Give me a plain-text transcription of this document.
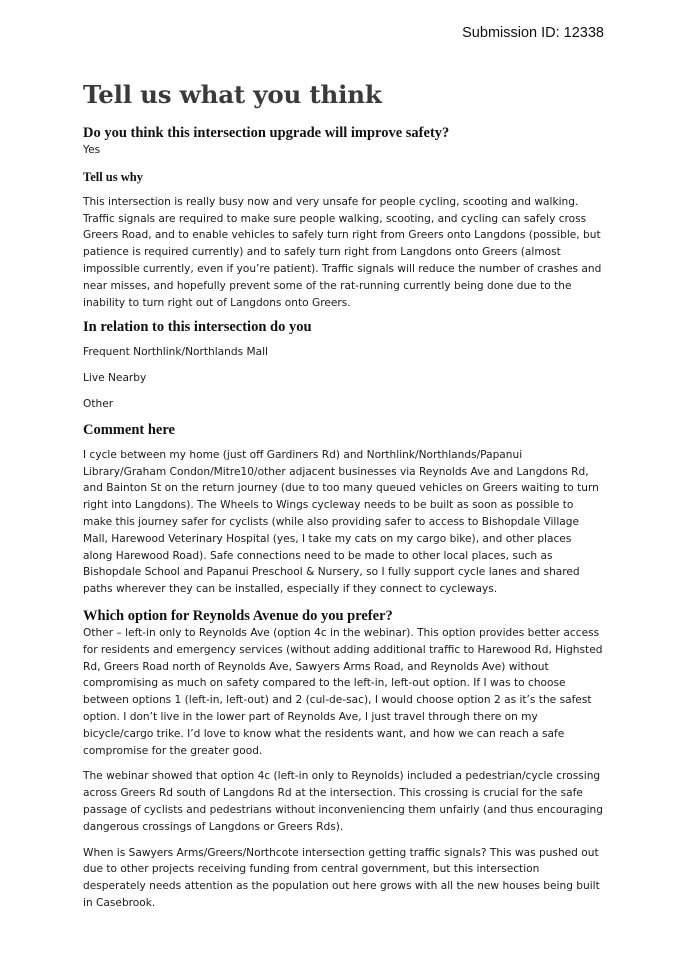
Submission ID: 12338
Tell us what you think

Do you think this intersection upgrade will improve safety?

Yes

Tell us why

This intersection is really busy now and very unsafe for people cycling, scooting and walking. Traffic signals are required to make sure people walking, scooting, and cycling can safely cross Greers Road, and to enable vehicles to safely turn right from Greers onto Langdons (possible, but patience is required currently) and to safely turn right from Langdons onto Greers (almost impossible currently, even if you’re patient). Traffic signals will reduce the number of crashes and near misses, and hopefully prevent some of the rat-running currently being done due to the inability to turn right out of Langdons onto Greers.

In relation to this intersection do you

Frequent Northlink/Northlands Mall

Live Nearby

Other

Comment here

I cycle between my home (just off Gardiners Rd) and Northlink/Northlands/Papanui Library/Graham Condon/Mitre10/other adjacent businesses via Reynolds Ave and Langdons Rd, and Bainton St on the return journey (due to too many queued vehicles on Greers waiting to turn right into Langdons). The Wheels to Wings cycleway needs to be built as soon as possible to make this journey safer for cyclists (while also providing safer to access to Bishopdale Village Mall, Harewood Veterinary Hospital (yes, I take my cats on my cargo bike), and other places along Harewood Road). Safe connections need to be made to other local places, such as Bishopdale School and Papanui Preschool & Nursery, so I fully support cycle lanes and shared paths wherever they can be installed, especially if they connect to cycleways.

Which option for Reynolds Avenue do you prefer?

Other – left-in only to Reynolds Ave (option 4c in the webinar). This option provides better access for residents and emergency services (without adding additional traffic to Harewood Rd, Highsted Rd, Greers Road north of Reynolds Ave, Sawyers Arms Road, and Reynolds Ave) without compromising as much on safety compared to the left-in, left-out option. If I was to choose between options 1 (left-in, left-out) and 2 (cul-de-sac), I would choose option 2 as it’s the safest option. I don’t live in the lower part of Reynolds Ave, I just travel through there on my bicycle/cargo trike. I’d love to know what the residents want, and how we can reach a safe compromise for the greater good.

The webinar showed that option 4c (left-in only to Reynolds) included a pedestrian/cycle crossing across Greers Rd south of Langdons Rd at the intersection. This crossing is crucial for the safe passage of cyclists and pedestrians without inconveniencing them unfairly (and thus encouraging dangerous crossings of Langdons or Greers Rds).

When is Sawyers Arms/Greers/Northcote intersection getting traffic signals? This was pushed out due to other projects receiving funding from central government, but this intersection desperately needs attention as the population out here grows with all the new houses being built in Casebrook.
